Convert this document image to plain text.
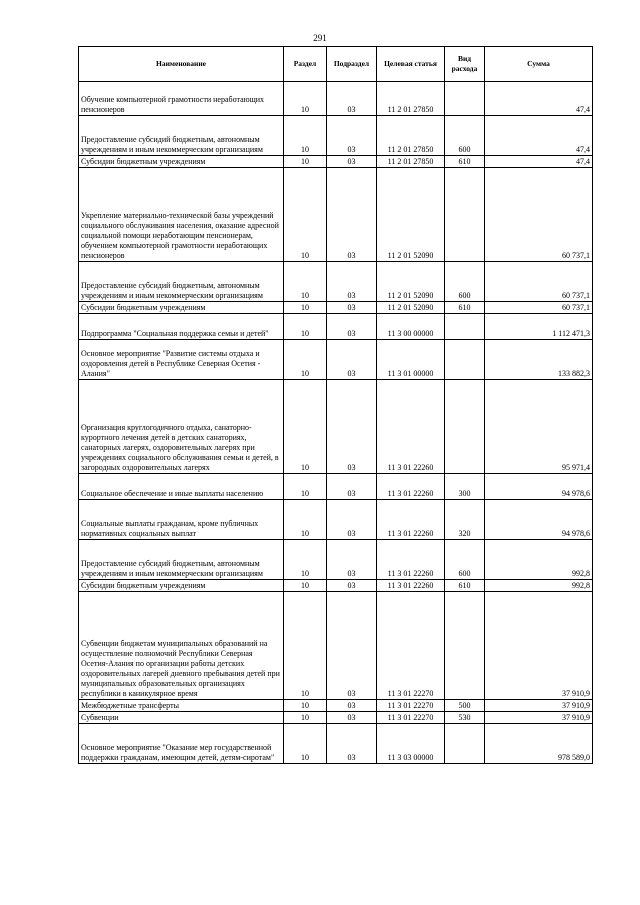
291
Наименование	Раздел	Подраздел	Целевая статья	Вид расхода	Сумма
Обучение компьютерной грамотности неработающих пенсионеров	10	03	11 2 01 27850		47,4
Предоставление субсидий бюджетным, автономным учреждениям и иным некоммерческим организациям	10	03	11 2 01 27850	600	47,4
Субсидии бюджетным учреждениям	10	03	11 2 01 27850	610	47,4
Укрепление материально-технической базы учреждений социального обслуживания населения, оказание адресной социальной помощи неработающим пенсионерам, обучением компьютерной грамотности неработающих пенсионеров	10	03	11 2 01 52090		60 737,1
Предоставление субсидий бюджетным, автономным учреждениям и иным некоммерческим организациям	10	03	11 2 01 52090	600	60 737,1
Субсидии бюджетным учреждениям	10	03	11 2 01 52090	610	60 737,1
Подпрограмма "Социальная поддержка семьи и детей"	10	03	11 3 00 00000		1 112 471,3
Основное мероприятие "Развитие системы отдыха и оздоровления детей в Республике Северная Осетия - Алания"	10	03	11 3 01 00000		133 882,3
Организация круглогодичного отдыха, санаторно-курортного лечения детей в детских санаториях, санаторных лагерях, оздоровительных лагерях при учреждениях социального обслуживания семьи и детей, в загородных оздоровительных лагерях	10	03	11 3 01 22260		95 971,4
Социальное обеспечение и иные выплаты населению	10	03	11 3 01 22260	300	94 978,6
Социальные выплаты гражданам, кроме публичных нормативных социальных выплат	10	03	11 3 01 22260	320	94 978,6
Предоставление субсидий бюджетным, автономным учреждениям и иным некоммерческим организациям	10	03	11 3 01 22260	600	992,8
Субсидии бюджетным учреждениям	10	03	11 3 01 22260	610	992,8
Субвенции бюджетам муниципальных образований на осуществление полномочий Республики Северная Осетия-Алания по организации работы детских оздоровительных лагерей дневного пребывания детей при муниципальных образовательных организациях республики в каникулярное время	10	03	11 3 01 22270		37 910,9
Межбюджетные трансферты	10	03	11 3 01 22270	500	37 910,9
Субвенции	10	03	11 3 01 22270	530	37 910,9
Основное мероприятие "Оказание мер государственной поддержки гражданам, имеющим детей, детям-сиротам"	10	03	11 3 03 00000		978 589,0
